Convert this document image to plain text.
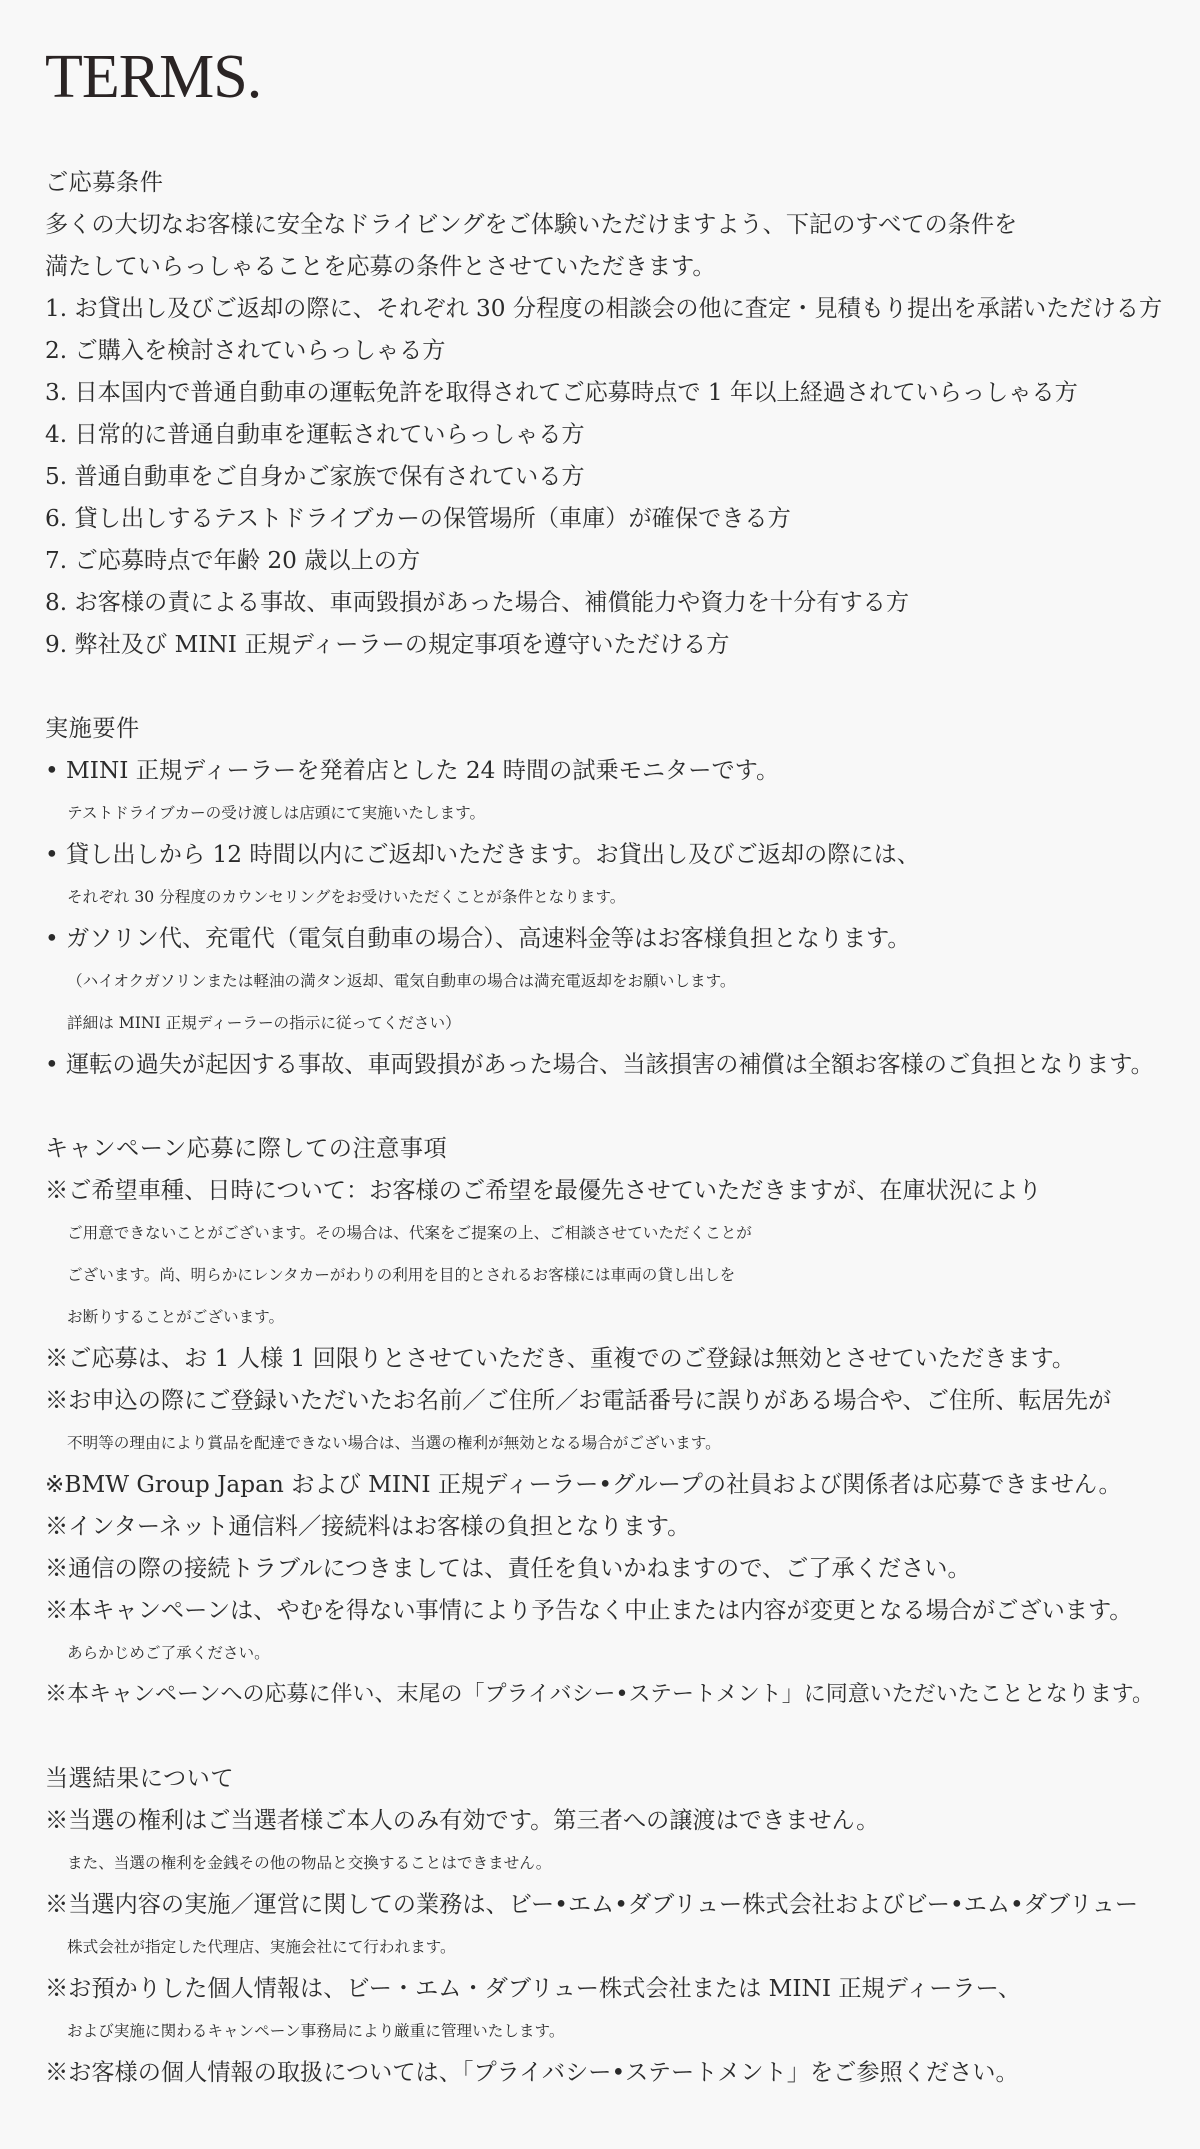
TERMS.
ご応募条件
多くの大切なお客様に安全なドライビングをご体験いただけますよう、下記のすべての条件を
満たしていらっしゃることを応募の条件とさせていただきます。
1. お貸出し及びご返却の際に、それぞれ 30 分程度の相談会の他に査定・見積もり提出を承諾いただける方
2. ご購入を検討されていらっしゃる方
3. 日本国内で普通自動車の運転免許を取得されてご応募時点で 1 年以上経過されていらっしゃる方
4. 日常的に普通自動車を運転されていらっしゃる方
5. 普通自動車をご自身かご家族で保有されている方
6. 貸し出しするテストドライブカーの保管場所（車庫）が確保できる方
7. ご応募時点で年齢 20 歳以上の方
8. お客様の責による事故、車両毀損があった場合、補償能力や資力を十分有する方
9. 弊社及び MINI 正規ディーラーの規定事項を遵守いただける方
実施要件
• MINI 正規ディーラーを発着店とした 24 時間の試乗モニターです。
テストドライブカーの受け渡しは店頭にて実施いたします。
• 貸し出しから 12 時間以内にご返却いただきます。お貸出し及びご返却の際には、
それぞれ 30 分程度のカウンセリングをお受けいただくことが条件となります。
• ガソリン代、充電代（電気自動車の場合）、高速料金等はお客様負担となります。
（ハイオクガソリンまたは軽油の満タン返却、電気自動車の場合は満充電返却をお願いします。
詳細は MINI 正規ディーラーの指示に従ってください）
• 運転の過失が起因する事故、車両毀損があった場合、当該損害の補償は全額お客様のご負担となります。
キャンペーン応募に際しての注意事項
※ご希望車種、日時について：お客様のご希望を最優先させていただきますが、在庫状況により
ご用意できないことがございます。その場合は、代案をご提案の上、ご相談させていただくことが
ございます。尚、明らかにレンタカーがわりの利用を目的とされるお客様には車両の貸し出しを
お断りすることがございます。
※ご応募は、お 1 人様 1 回限りとさせていただき、重複でのご登録は無効とさせていただきます。
※お申込の際にご登録いただいたお名前／ご住所／お電話番号に誤りがある場合や、ご住所、転居先が
不明等の理由により賞品を配達できない場合は、当選の権利が無効となる場合がございます。
※BMW Group Japan および MINI 正規ディーラー•グループの社員および関係者は応募できません。
※インターネット通信料／接続料はお客様の負担となります。
※通信の際の接続トラブルにつきましては、責任を負いかねますので、ご了承ください。
※本キャンペーンは、やむを得ない事情により予告なく中止または内容が変更となる場合がございます。
あらかじめご了承ください。
※本キャンペーンへの応募に伴い、末尾の「プライバシー•ステートメント」に同意いただいたこととなります。
当選結果について
※当選の権利はご当選者様ご本人のみ有効です。第三者への譲渡はできません。
また、当選の権利を金銭その他の物品と交換することはできません。
※当選内容の実施／運営に関しての業務は、ビー•エム•ダブリュー株式会社およびビー•エム•ダブリュー
株式会社が指定した代理店、実施会社にて行われます。
※お預かりした個人情報は、ビー・エム・ダブリュー株式会社または MINI 正規ディーラー、
および実施に関わるキャンペーン事務局により厳重に管理いたします。
※お客様の個人情報の取扱については、「プライバシー•ステートメント」をご参照ください。
